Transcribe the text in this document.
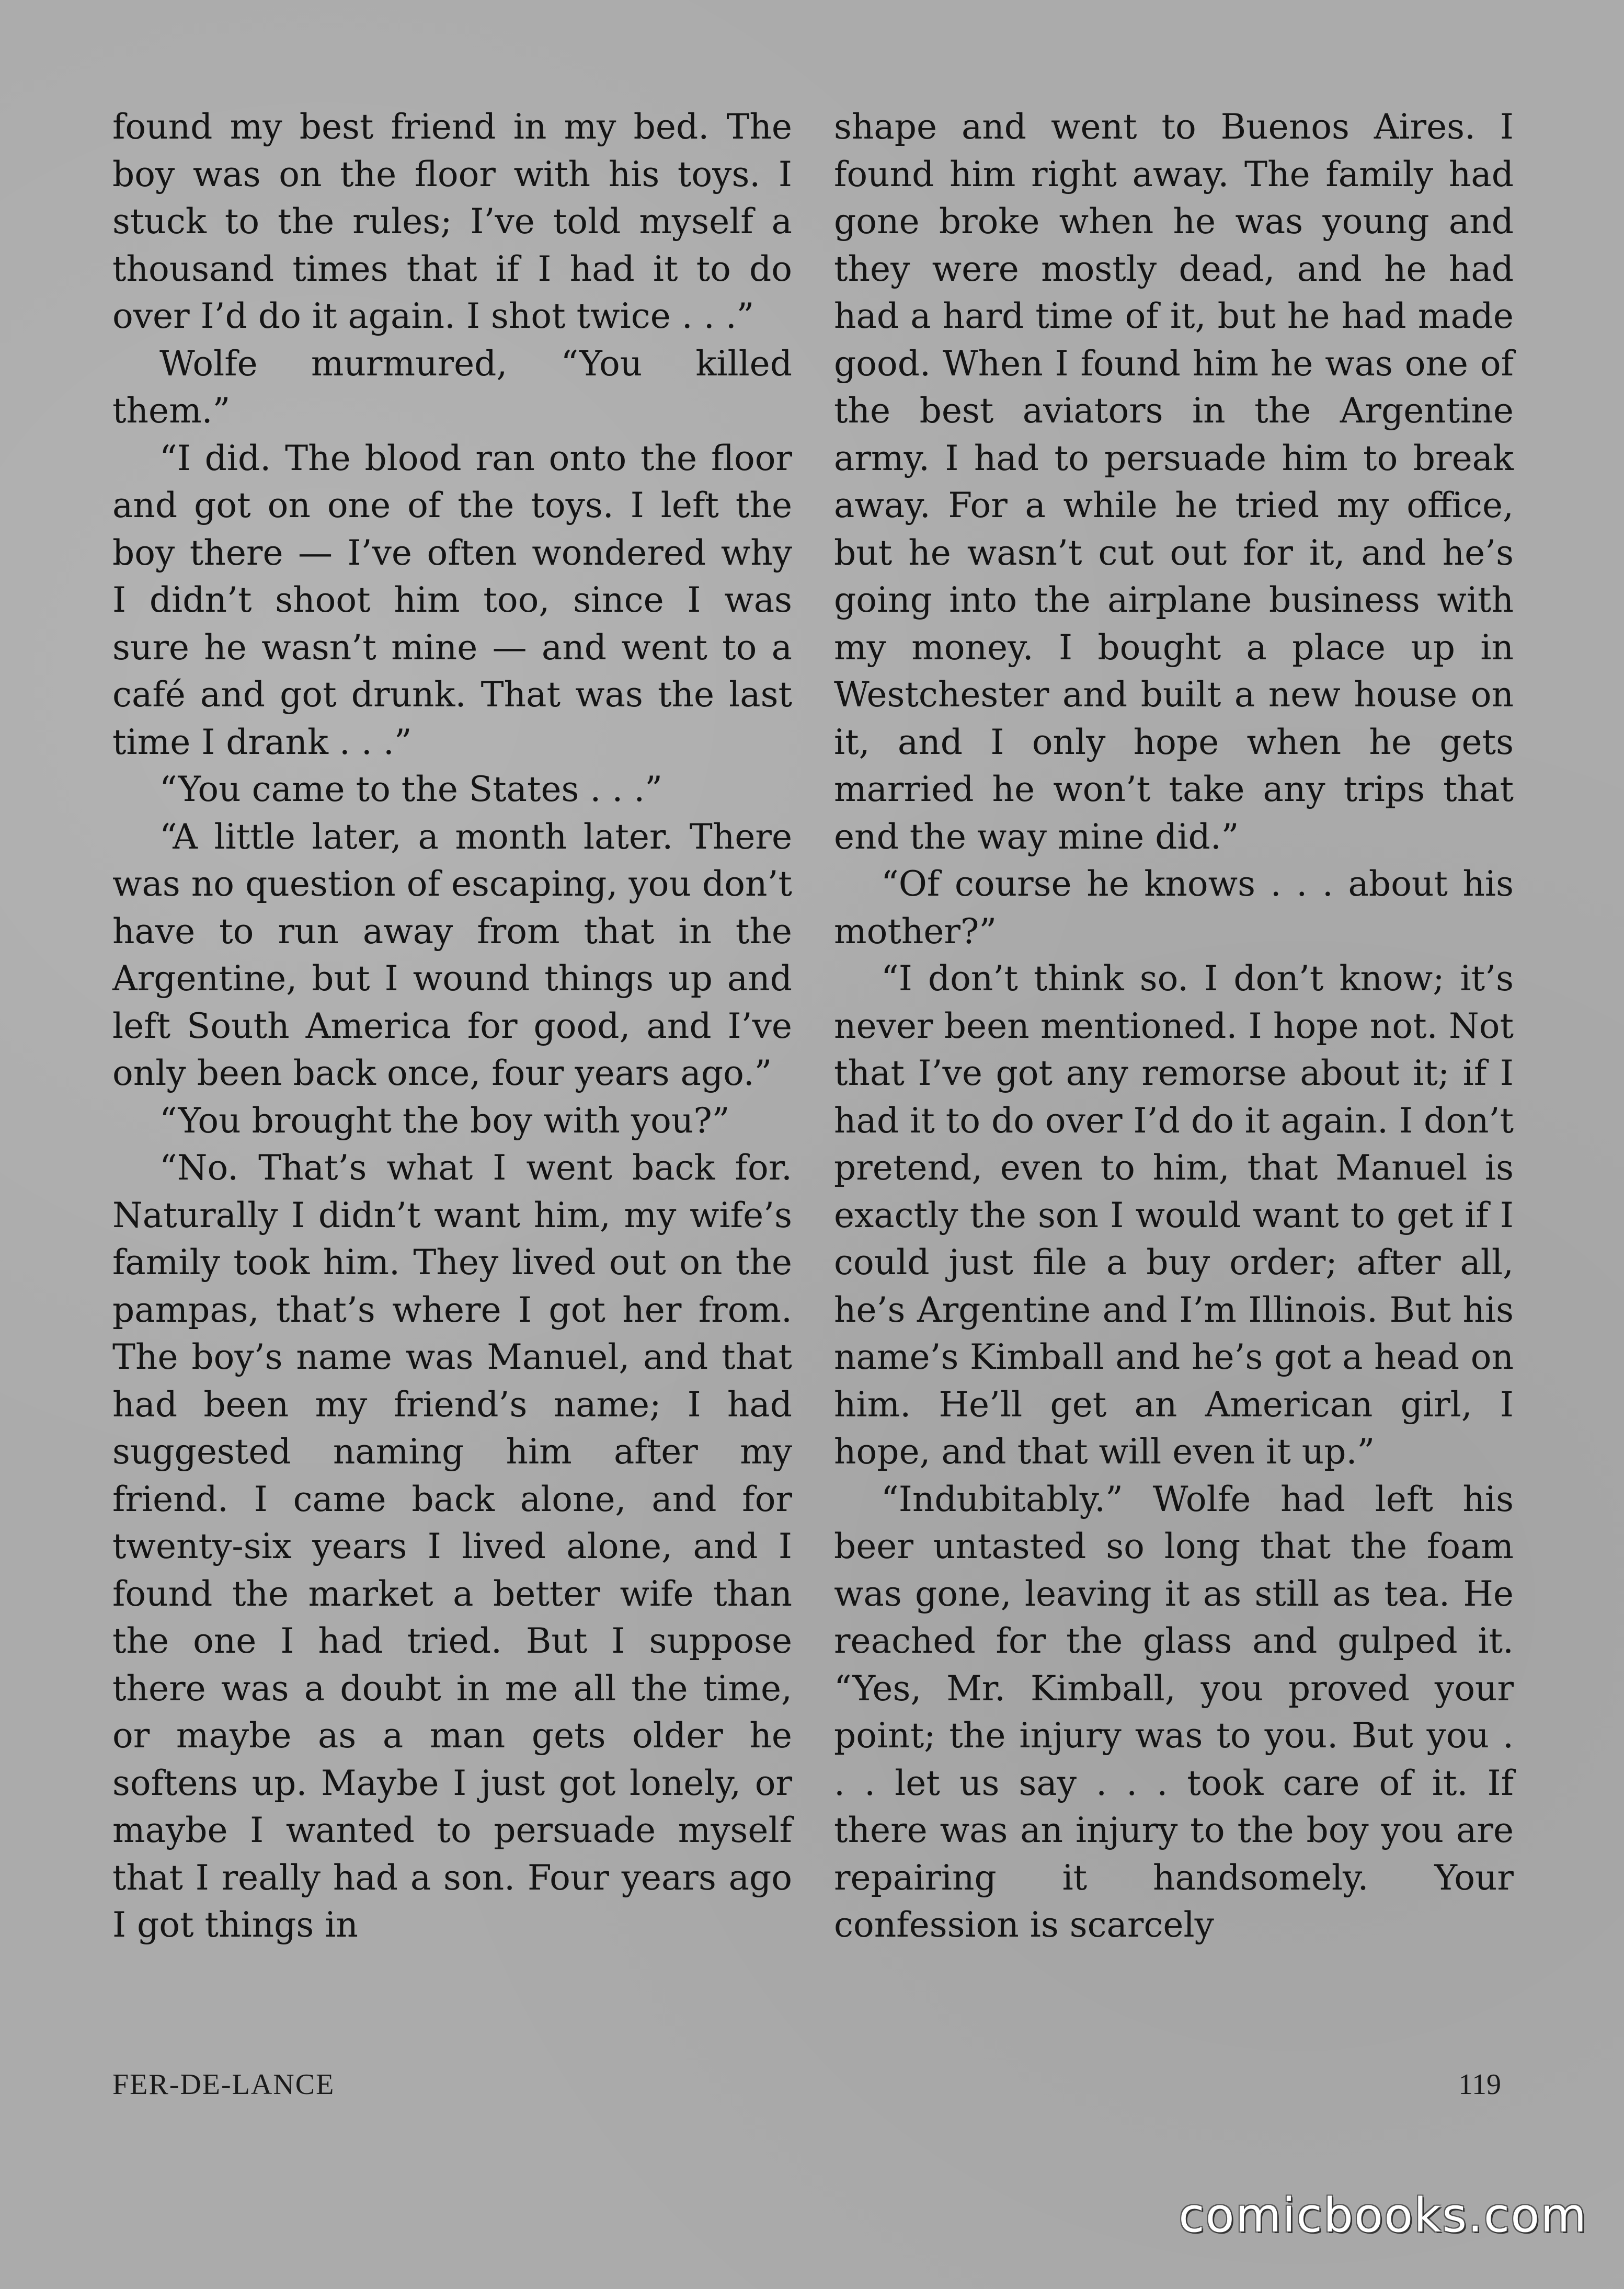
found my best friend in my bed. The boy was on the floor with his toys. I stuck to the rules; I’ve told myself a thousand times that if I had it to do over I’d do it again. I shot twice . . .”

Wolfe murmured, “You killed them.”

“I did. The blood ran onto the floor and got on one of the toys. I left the boy there — I’ve often wondered why I didn’t shoot him too, since I was sure he wasn’t mine — and went to a café and got drunk. That was the last time I drank . . .”

“You came to the States . . .”

“A little later, a month later. There was no question of escaping, you don’t have to run away from that in the Argentine, but I wound things up and left South America for good, and I’ve only been back once, four years ago.”

“You brought the boy with you?”

“No. That’s what I went back for. Naturally I didn’t want him, my wife’s family took him. They lived out on the pampas, that’s where I got her from. The boy’s name was Manuel, and that had been my friend’s name; I had suggested naming him after my friend. I came back alone, and for twenty-six years I lived alone, and I found the market a better wife than the one I had tried. But I suppose there was a doubt in me all the time, or maybe as a man gets older he softens up. Maybe I just got lonely, or maybe I wanted to persuade myself that I really had a son. Four years ago I got things in

shape and went to Buenos Aires. I found him right away. The family had gone broke when he was young and they were mostly dead, and he had had a hard time of it, but he had made good. When I found him he was one of the best aviators in the Argentine army. I had to persuade him to break away. For a while he tried my office, but he wasn’t cut out for it, and he’s going into the airplane business with my money. I bought a place up in Westchester and built a new house on it, and I only hope when he gets married he won’t take any trips that end the way mine did.”

“Of course he knows . . . about his mother?”

“I don’t think so. I don’t know; it’s never been mentioned. I hope not. Not that I’ve got any remorse about it; if I had it to do over I’d do it again. I don’t pretend, even to him, that Manuel is exactly the son I would want to get if I could just file a buy order; after all, he’s Argentine and I’m Illinois. But his name’s Kimball and he’s got a head on him. He’ll get an American girl, I hope, and that will even it up.”

“Indubitably.” Wolfe had left his beer untasted so long that the foam was gone, leaving it as still as tea. He reached for the glass and gulped it. “Yes, Mr. Kimball, you proved your point; the injury was to you. But you . . . let us say . . . took care of it. If there was an injury to the boy you are repairing it handsomely. Your confession is scarcely

FER-DE-LANCE	119
comicbooks.com
